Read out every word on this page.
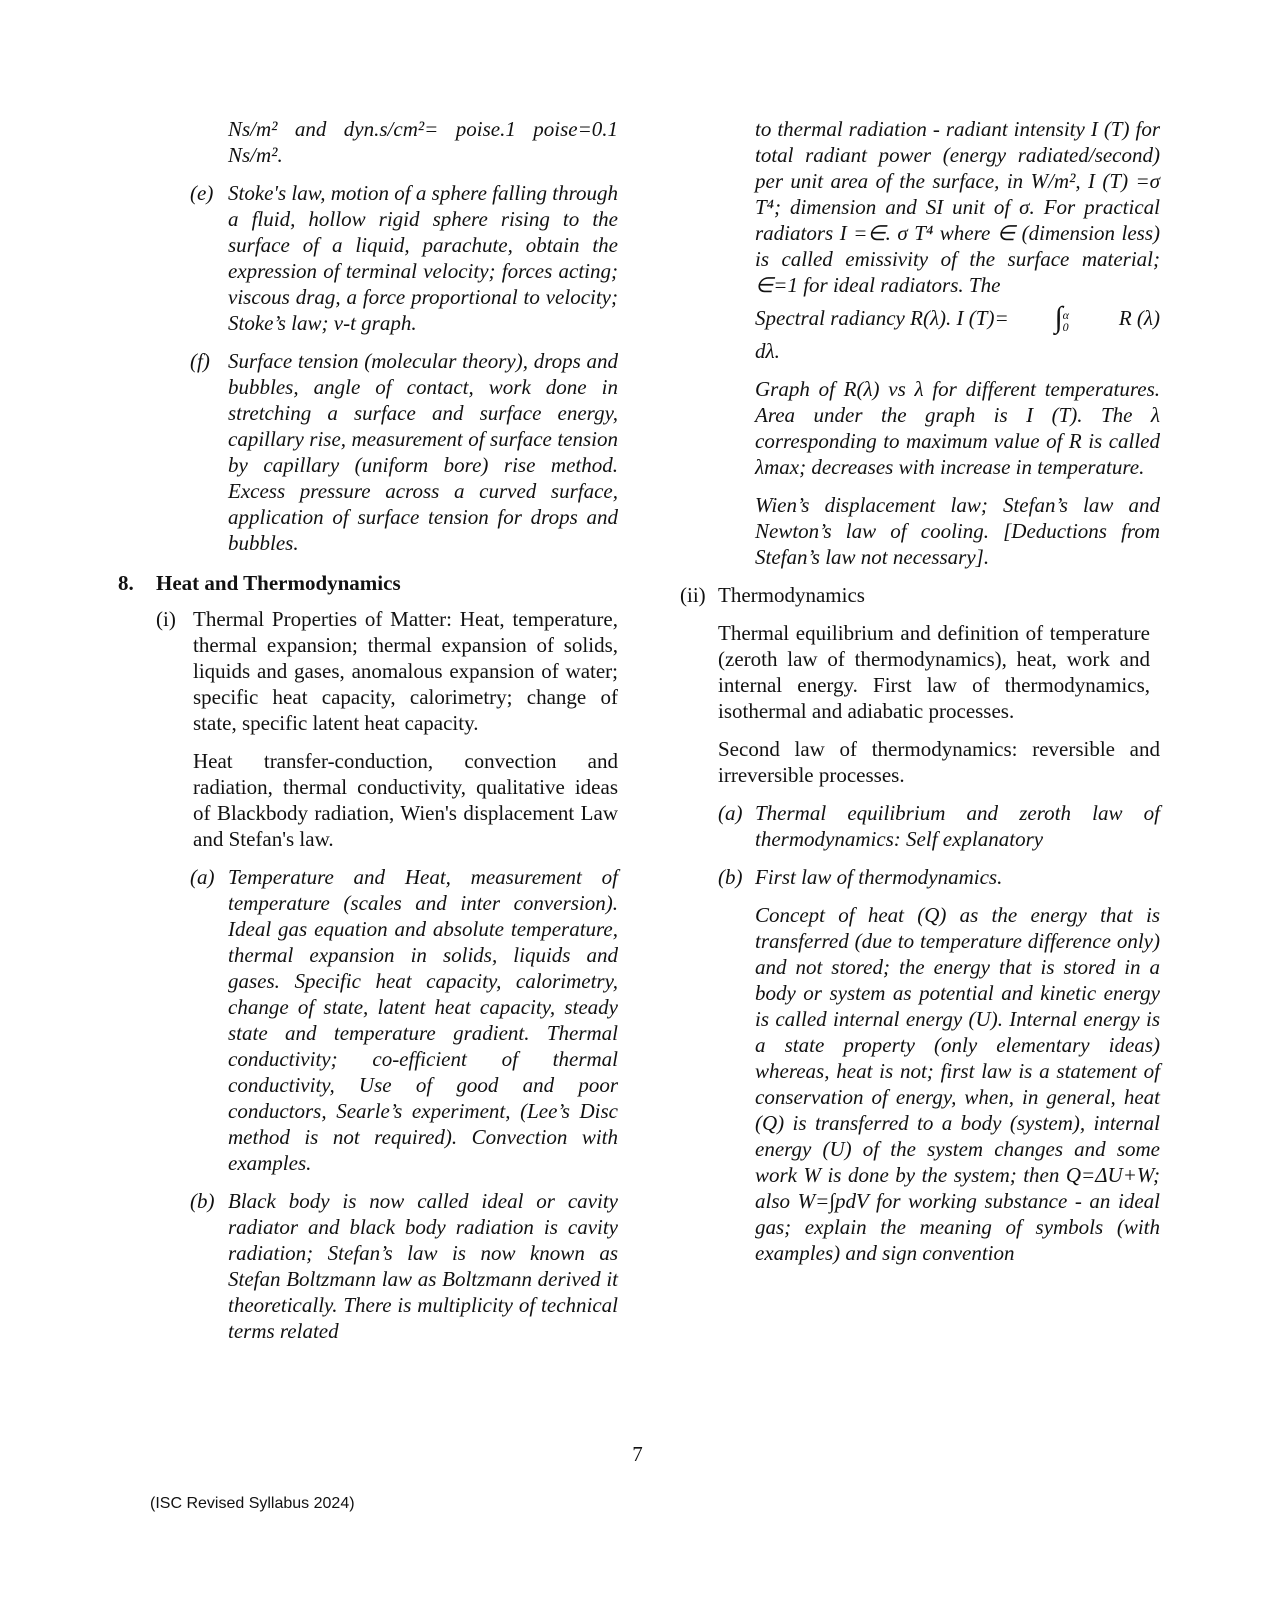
Ns/m² and dyn.s/cm²= poise.1 poise=0.1 Ns/m².

(e) Stoke's law, motion of a sphere falling through a fluid, hollow rigid sphere rising to the surface of a liquid, parachute, obtain the expression of terminal velocity; forces acting; viscous drag, a force proportional to velocity; Stoke’s law; v-t graph.

(f) Surface tension (molecular theory), drops and bubbles, angle of contact, work done in stretching a surface and surface energy, capillary rise, measurement of surface tension by capillary (uniform bore) rise method. Excess pressure across a curved surface, application of surface tension for drops and bubbles.

8.	Heat and Thermodynamics
(i) Thermal Properties of Matter: Heat, temperature, thermal expansion; thermal expansion of solids, liquids and gases, anomalous expansion of water; specific heat capacity, calorimetry; change of state, specific latent heat capacity.

Heat transfer-conduction, convection and radiation, thermal conductivity, qualitative ideas of Blackbody radiation, Wien's displacement Law and Stefan's law.

(a) Temperature and Heat, measurement of temperature (scales and inter conversion). Ideal gas equation and absolute temperature, thermal expansion in solids, liquids and gases. Specific heat capacity, calorimetry, change of state, latent heat capacity, steady state and temperature gradient. Thermal conductivity; co-efficient of thermal conductivity, Use of good and poor conductors, Searle’s experiment, (Lee’s Disc method is not required). Convection with examples.

(b) Black body is now called ideal or cavity radiator and black body radiation is cavity radiation; Stefan’s law is now known as Stefan Boltzmann law as Boltzmann derived it theoretically. There is multiplicity of technical terms related

to thermal radiation - radiant intensity I (T) for total radiant power (energy radiated/second) per unit area of the surface, in W/m², I (T) =σ T⁴; dimension and SI unit of σ. For practical radiators I =∈. σ T⁴ where ∈ (dimension less) is called emissivity of the surface material; ∈=1 for ideal radiators. The

Spectral radiancy R(λ). I (T)= ∫ α
0 R (λ)

dλ.

Graph of R(λ) vs λ for different temperatures. Area under the graph is I (T). The λ corresponding to maximum value of R is called λmax; decreases with increase in temperature.

Wien’s displacement law; Stefan’s law and Newton’s law of cooling. [Deductions from Stefan’s law not necessary].

(ii) Thermodynamics

Thermal equilibrium and definition of temperature (zeroth law of thermodynamics), heat, work and internal energy. First law of thermodynamics, isothermal and adiabatic processes.

Second law of thermodynamics: reversible and irreversible processes.

(a) Thermal equilibrium and zeroth law of thermodynamics: Self explanatory

(b) First law of thermodynamics.

Concept of heat (Q) as the energy that is transferred (due to temperature difference only) and not stored; the energy that is stored in a body or system as potential and kinetic energy is called internal energy (U). Internal energy is a state property (only elementary ideas) whereas, heat is not; first law is a statement of conservation of energy, when, in general, heat (Q) is transferred to a body (system), internal energy (U) of the system changes and some work W is done by the system; then Q=ΔU+W; also W=∫pdV for working substance - an ideal gas; explain the meaning of symbols (with examples) and sign convention

7
(ISC Revised Syllabus 2024)
